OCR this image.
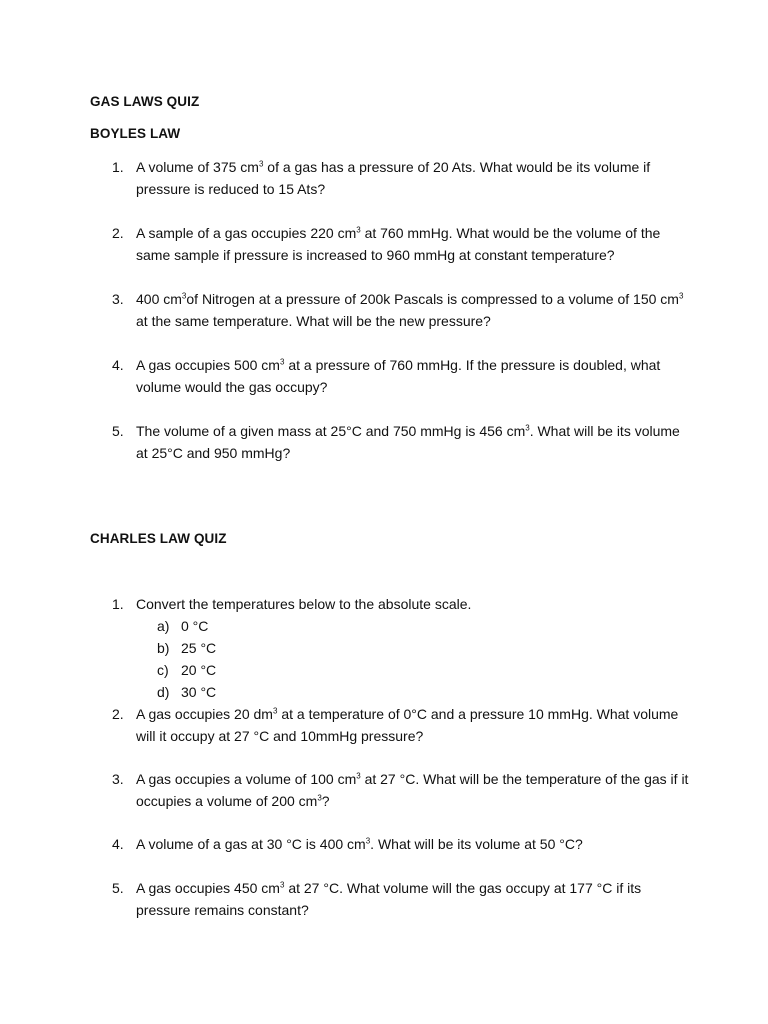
GAS LAWS QUIZ
BOYLES LAW
1. A volume of 375 $cm^3$ of a gas has a pressure of 20 Ats. What would be its volume if pressure is reduced to 15 Ats?
2. A sample of a gas occupies 220 $cm^3$ at 760 mmHg. What would be the volume of the same sample if pressure is increased to 960 mmHg at constant temperature?
3. 400 $cm^3of$ Nitrogen at a pressure of 200k Pascals is compressed to a volume of 150 $cm^3$ at the same temperature. What will be the new pressure?
4. A gas occupies 500 $cm^3$ at a pressure of 760 mmHg. If the pressure is doubled, what volume would the gas occupy?
5. The volume of a given mass at 25°C and 750 mmHg is 456 $cm^3$. What will be its volume at 25°C and 950 mmHg?
CHARLES LAW QUIZ
1. Convert the temperatures below to the absolute scale.
a) 0 °C
b) 25 °C
c) 20 °C
d) 30 °C
2. A gas occupies 20 $dm^3$ at a temperature of 0°C and a pressure 10 mmHg. What volume will it occupy at 27 °C and 10mmHg pressure?
3. A gas occupies a volume of 100 $cm^3$ at 27 °C. What will be the temperature of the gas if it occupies a volume of 200 $cm^3$?
4. A volume of a gas at 30 °C is 400 $cm^3$. What will be its volume at 50 °C?
5. A gas occupies 450 $cm^3$ at 27 °C. What volume will the gas occupy at 177 °C if its pressure remains constant?
